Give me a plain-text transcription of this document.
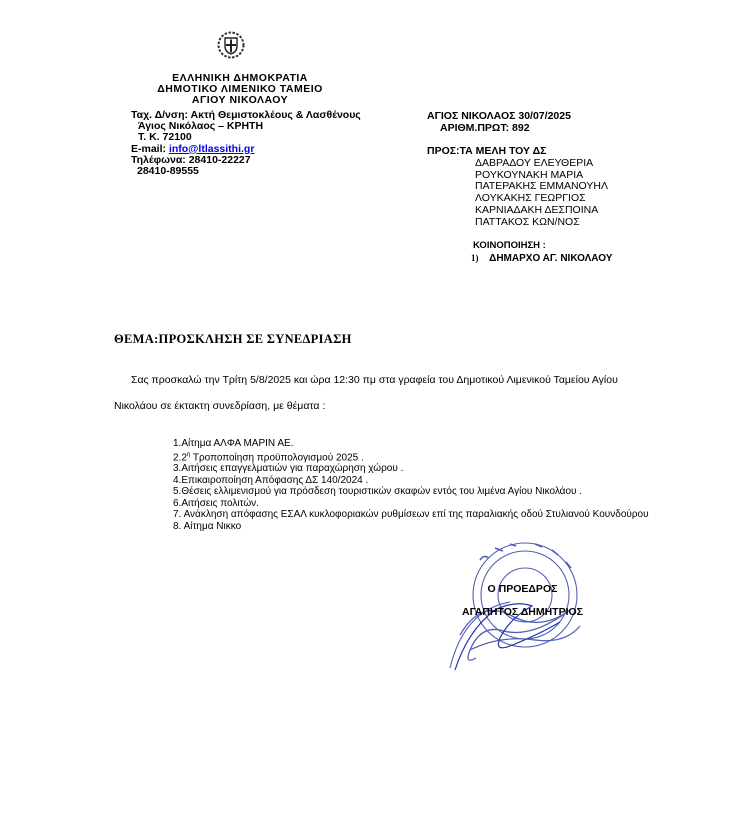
ΕΛΛΗΝΙΚΗ ΔΗΜΟΚΡΑΤΙΑ
ΔΗΜΟΤΙΚΟ ΛΙΜΕΝΙΚΟ ΤΑΜΕΙΟ
ΑΓΙΟΥ ΝΙΚΟΛΑΟΥ
Ταχ. Δ/νση: Ακτή Θεμιστοκλέους & Λασθένους
Άγιος Νικόλαος – ΚΡΗΤΗ
Τ. Κ. 72100
E-mail: info@ltlassithi.gr
Τηλέφωνα: 28410-22227
28410-89555
ΑΓΙΟΣ ΝΙΚΟΛΑΟΣ 30/07/2025
ΑΡΙΘΜ.ΠΡΩΤ: 892
ΠΡΟΣ:ΤΑ ΜΕΛΗ ΤΟΥ ΔΣ
ΔΑΒΡΑΔΟΥ ΕΛΕΥΘΕΡΙΑ
ΡΟΥΚΟΥΝΑΚΗ ΜΑΡΙΑ
ΠΑΤΕΡΑΚΗΣ ΕΜΜΑΝΟΥΗΛ
ΛΟΥΚΑΚΗΣ ΓΕΩΡΓΙΟΣ
ΚΑΡΝΙΑΔΑΚΗ ΔΕΣΠΟΙΝΑ
ΠΑΤΤΑΚΟΣ ΚΩΝ/ΝΟΣ
ΚΟΙΝΟΠΟΙΗΣΗ :
1) ΔΗΜΑΡΧΟ ΑΓ. ΝΙΚΟΛΑΟΥ
ΘΕΜΑ:ΠΡΟΣΚΛΗΣΗ ΣΕ ΣΥΝΕΔΡΙΑΣΗ
Σας προσκαλώ την Τρίτη 5/8/2025 και ώρα 12:30 πμ στα γραφεία του Δημοτικού Λιμενικού Ταμείου Αγίου
Νικολάου σε έκτακτη συνεδρίαση, με θέματα :
1.Αίτημα ΑΛΦΑ ΜΑΡΙΝ ΑΕ.
$2.2^\eta$ Τροποποίηση προϋπολογισμού 2025 .
3.Αιτήσεις επαγγελματιών για παραχώρηση χώρου .
4.Επικαιροποίηση Απόφασης ΔΣ 140/2024 .
5.Θέσεις ελλιμενισμού για πρόσδεση τουριστικών σκαφών εντός του λιμένα Αγίου Νικολάου .
6.Αιτήσεις πολιτών.
7. Ανάκληση απόφασης ΕΣΑΛ κυκλοφοριακών ρυθμίσεων επί της παραλιακής οδού Στυλιανού Κουνδούρου
8. Αίτημα Νικκο
Ο ΠΡΟΕΔΡΟΣ
ΑΓΑΠΗΤΟΣ ΔΗΜΗΤΡΙΟΣ
